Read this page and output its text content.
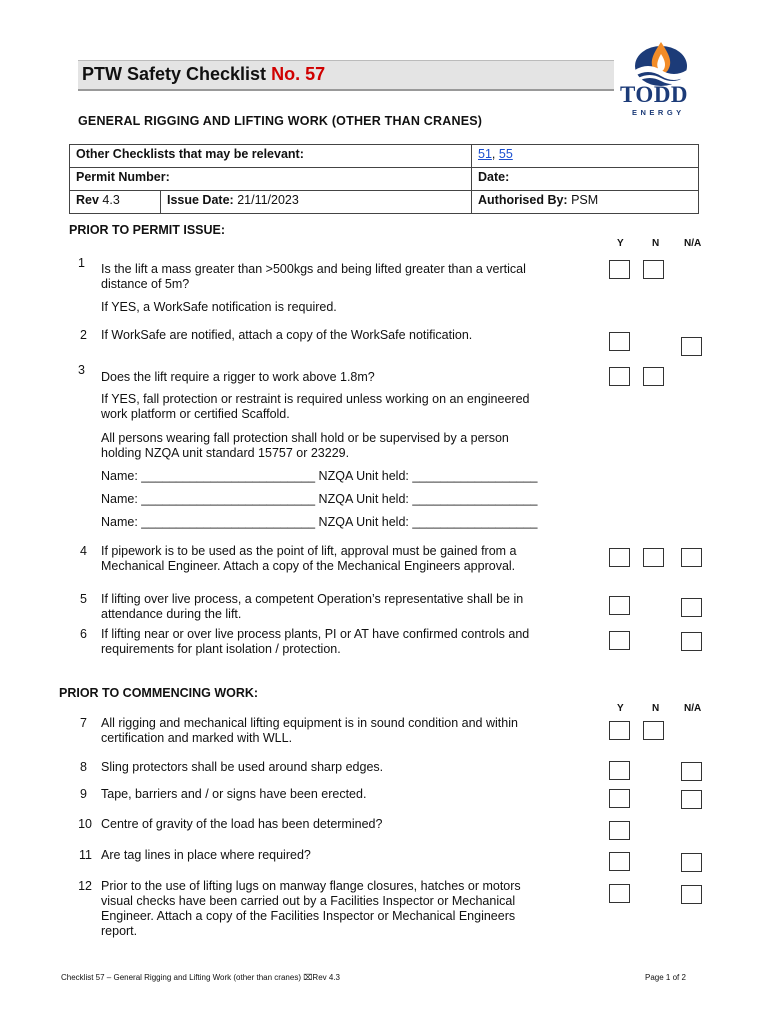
PTW Safety Checklist No. 57
TODD
ENERGY
GENERAL RIGGING AND LIFTING WORK (OTHER THAN CRANES)
Other Checklists that may be relevant:	51, 55
Permit Number:	Date:
Rev 4.3	Issue Date: 21/11/2023	Authorised By: PSM
PRIOR TO PERMIT ISSUE:
Y	N N/A
1 Is the lift a mass greater than >500kgs and being lifted greater than a vertical
distance of 5m?
If YES, a WorkSafe notification is required.
2 If WorkSafe are notified, attach a copy of the WorkSafe notification.
3 Does the lift require a rigger to work above 1.8m?
If YES, fall protection or restraint is required unless working on an engineered
work platform or certified Scaffold.
All persons wearing fall protection shall hold or be supervised by a person
holding NZQA unit standard 15757 or 23229.
Name: _________________________ NZQA Unit held: __________________
Name: _________________________ NZQA Unit held: __________________
Name: _________________________ NZQA Unit held: __________________
4 If pipework is to be used as the point of lift, approval must be gained from a
Mechanical Engineer. Attach a copy of the Mechanical Engineers approval.
5 If lifting over live process, a competent Operation’s representative shall be in
attendance during the lift.
6 If lifting near or over live process plants, PI or AT have confirmed controls and
requirements for plant isolation / protection.
PRIOR TO COMMENCING WORK:
Y	N N/A
7 All rigging and mechanical lifting equipment is in sound condition and within
certification and marked with WLL.
8 Sling protectors shall be used around sharp edges.
9 Tape, barriers and / or signs have been erected.
10 Centre of gravity of the load has been determined?
11 Are tag lines in place where required?
12 Prior to the use of lifting lugs on manway flange closures, hatches or motors
visual checks have been carried out by a Facilities Inspector or Mechanical
Engineer. Attach a copy of the Facilities Inspector or Mechanical Engineers
report.
Checklist 57 – General Rigging and Lifting Work (other than cranes) ⌧Rev 4.3	Page 1 of 2
